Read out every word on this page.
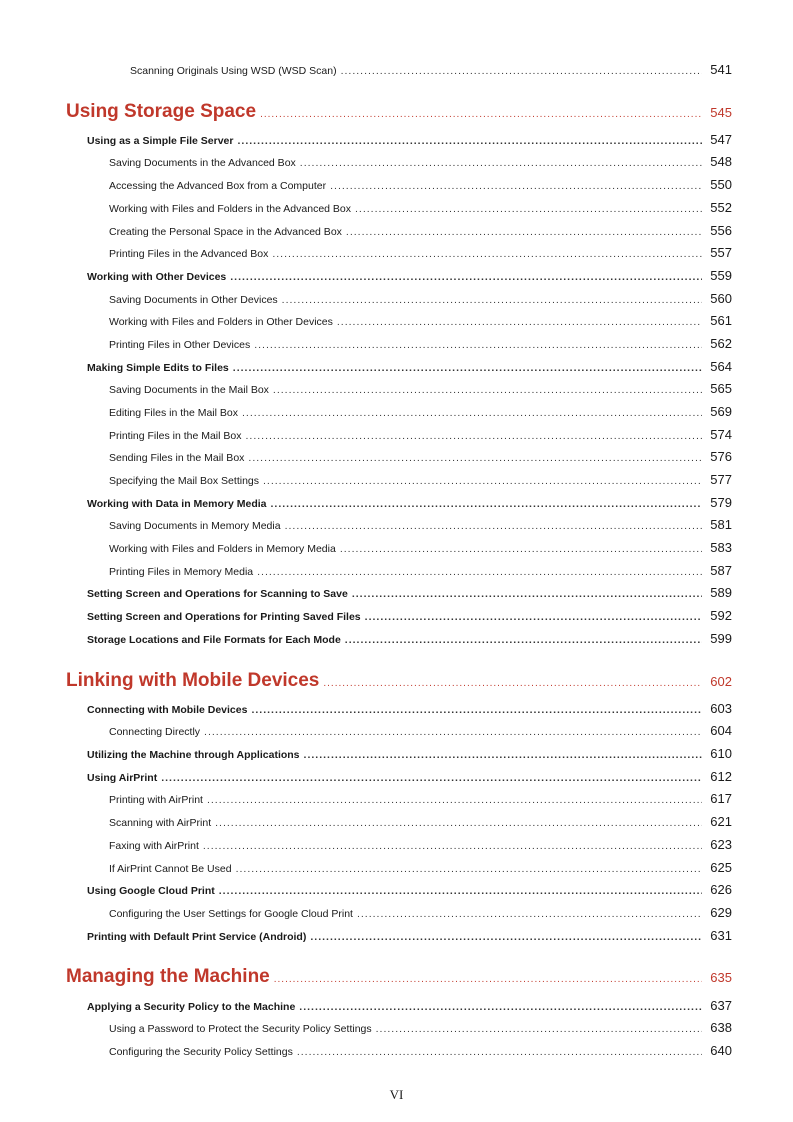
Scanning Originals Using WSD (WSD Scan) .....	541
Using Storage Space .....	545
Using as a Simple File Server .....	547
Saving Documents in the Advanced Box .....	548
Accessing the Advanced Box from a Computer .....	550
Working with Files and Folders in the Advanced Box .....	552
Creating the Personal Space in the Advanced Box .....	556
Printing Files in the Advanced Box .....	557
Working with Other Devices .....	559
Saving Documents in Other Devices .....	560
Working with Files and Folders in Other Devices .....	561
Printing Files in Other Devices .....	562
Making Simple Edits to Files .....	564
Saving Documents in the Mail Box .....	565
Editing Files in the Mail Box .....	569
Printing Files in the Mail Box .....	574
Sending Files in the Mail Box .....	576
Specifying the Mail Box Settings .....	577
Working with Data in Memory Media .....	579
Saving Documents in Memory Media .....	581
Working with Files and Folders in Memory Media .....	583
Printing Files in Memory Media .....	587
Setting Screen and Operations for Scanning to Save .....	589
Setting Screen and Operations for Printing Saved Files .....	592
Storage Locations and File Formats for Each Mode .....	599
Linking with Mobile Devices .....	602
Connecting with Mobile Devices .....	603
Connecting Directly .....	604
Utilizing the Machine through Applications .....	610
Using AirPrint .....	612
Printing with AirPrint .....	617
Scanning with AirPrint .....	621
Faxing with AirPrint .....	623
If AirPrint Cannot Be Used .....	625
Using Google Cloud Print .....	626
Configuring the User Settings for Google Cloud Print .....	629
Printing with Default Print Service (Android) .....	631
Managing the Machine .....	635
Applying a Security Policy to the Machine .....	637
Using a Password to Protect the Security Policy Settings .....	638
Configuring the Security Policy Settings .....	640
VI
